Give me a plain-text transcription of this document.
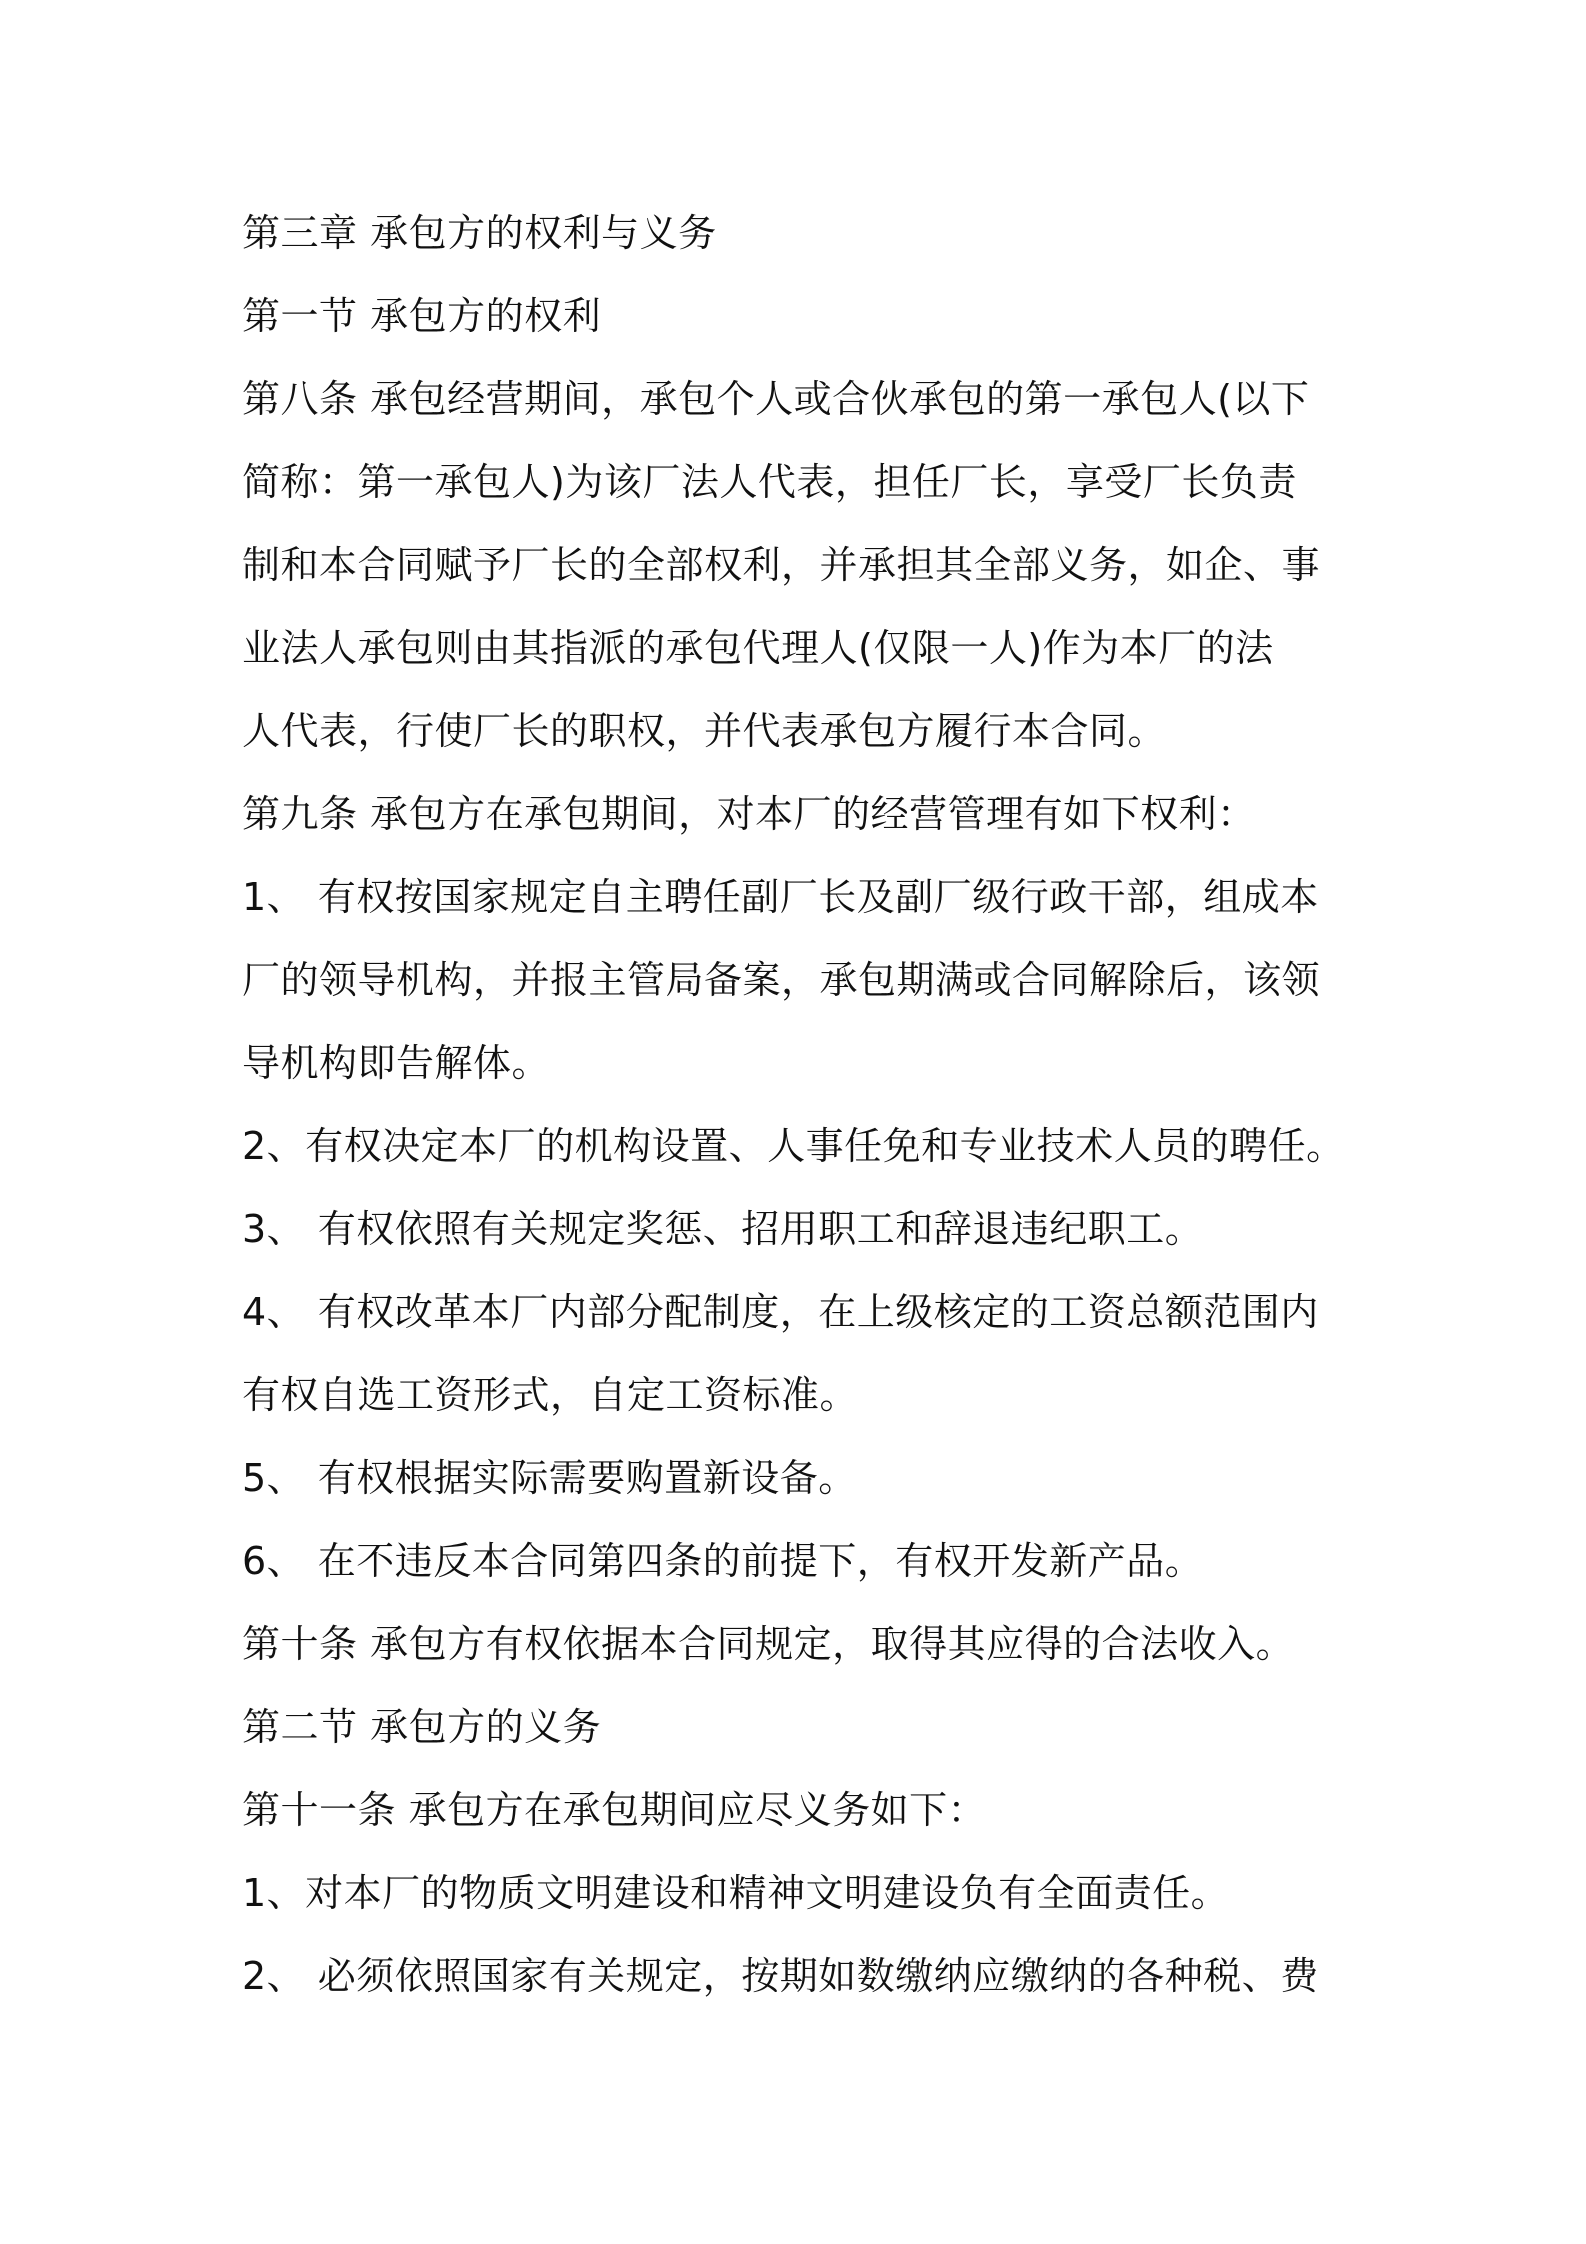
第三章 承包方的权利与义务
第一节 承包方的权利
第八条 承包经营期间，承包个人或合伙承包的第一承包人(以下
简称：第一承包人)为该厂法人代表，担任厂长，享受厂长负责
制和本合同赋予厂长的全部权利，并承担其全部义务，如企、事
业法人承包则由其指派的承包代理人(仅限一人)作为本厂的法
人代表，行使厂长的职权，并代表承包方履行本合同。
第九条 承包方在承包期间，对本厂的经营管理有如下权利：
1、 有权按国家规定自主聘任副厂长及副厂级行政干部，组成本
厂的领导机构，并报主管局备案，承包期满或合同解除后，该领
导机构即告解体。
2、有权决定本厂的机构设置、人事任免和专业技术人员的聘任。
3、 有权依照有关规定奖惩、招用职工和辞退违纪职工。
4、 有权改革本厂内部分配制度，在上级核定的工资总额范围内
有权自选工资形式，自定工资标准。
5、 有权根据实际需要购置新设备。
6、 在不违反本合同第四条的前提下，有权开发新产品。
第十条 承包方有权依据本合同规定，取得其应得的合法收入。
第二节 承包方的义务
第十一条 承包方在承包期间应尽义务如下：
1、对本厂的物质文明建设和精神文明建设负有全面责任。
2、 必须依照国家有关规定，按期如数缴纳应缴纳的各种税、费
